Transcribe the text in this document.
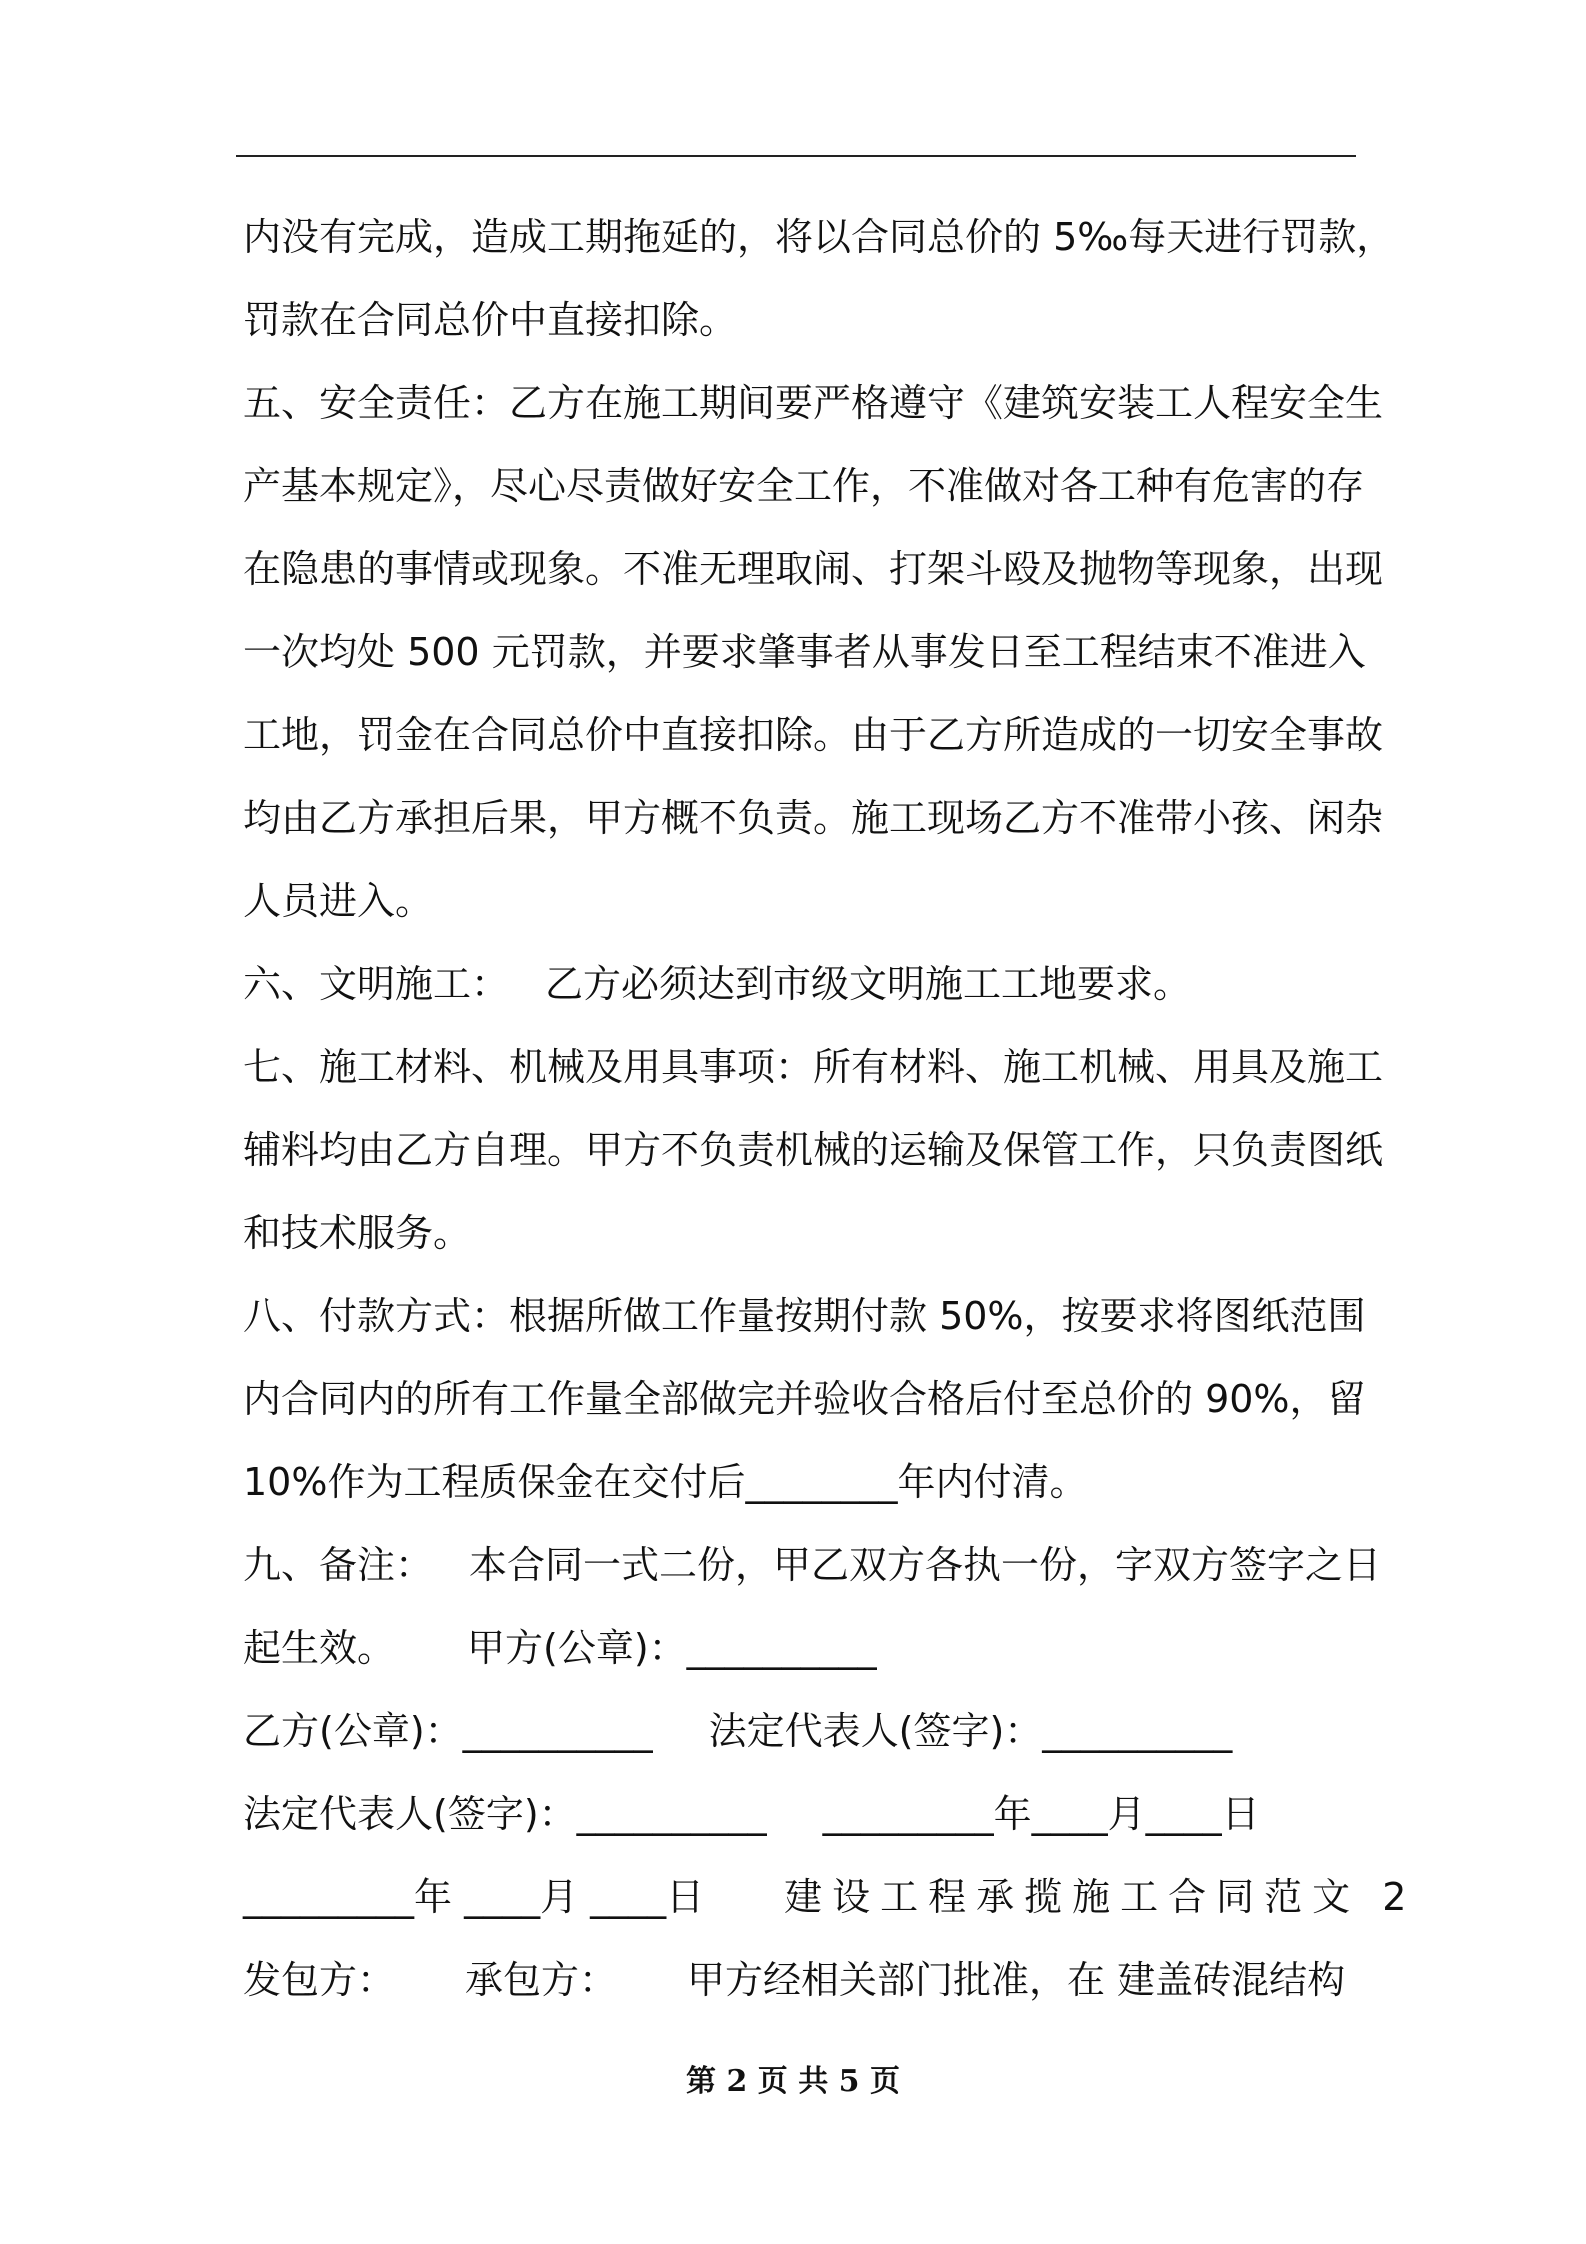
内没有完成，造成工期拖延的，将以合同总价的 5‰每天进行罚款，
罚款在合同总价中直接扣除。
五、安全责任：乙方在施工期间要严格遵守《建筑安装工人程安全生
产基本规定》，尽心尽责做好安全工作，不准做对各工种有危害的存
在隐患的事情或现象。不准无理取闹、打架斗殴及抛物等现象，出现
一次均处 500 元罚款，并要求肇事者从事发日至工程结束不准进入
工地，罚金在合同总价中直接扣除。由于乙方所造成的一切安全事故
均由乙方承担后果，甲方概不负责。施工现场乙方不准带小孩、闲杂
人员进入。
六、文明施工： 乙方必须达到市级文明施工工地要求。
七、施工材料、机械及用具事项：所有材料、施工机械、用具及施工
辅料均由乙方自理。甲方不负责机械的运输及保管工作，只负责图纸
和技术服务。
八、付款方式：根据所做工作量按期付款 50%，按要求将图纸范围
内合同内的所有工作量全部做完并验收合格后付至总价的 90%，留
10%作为工程质保金在交付后________年内付清。
九、备注： 本合同一式二份，甲乙双方各执一份，字双方签字之日
起生效。 甲方(公章)：__________
乙方(公章)：__________ 法定代表人(签字)：__________
法定代表人(签字)：__________ _________年____月____日
_________年 ____月 ____日 建设工程承揽施工合同范文 2
发包方： 承包方： 甲方经相关部门批准，在 建盖砖混结构
第 2 页 共 5 页
